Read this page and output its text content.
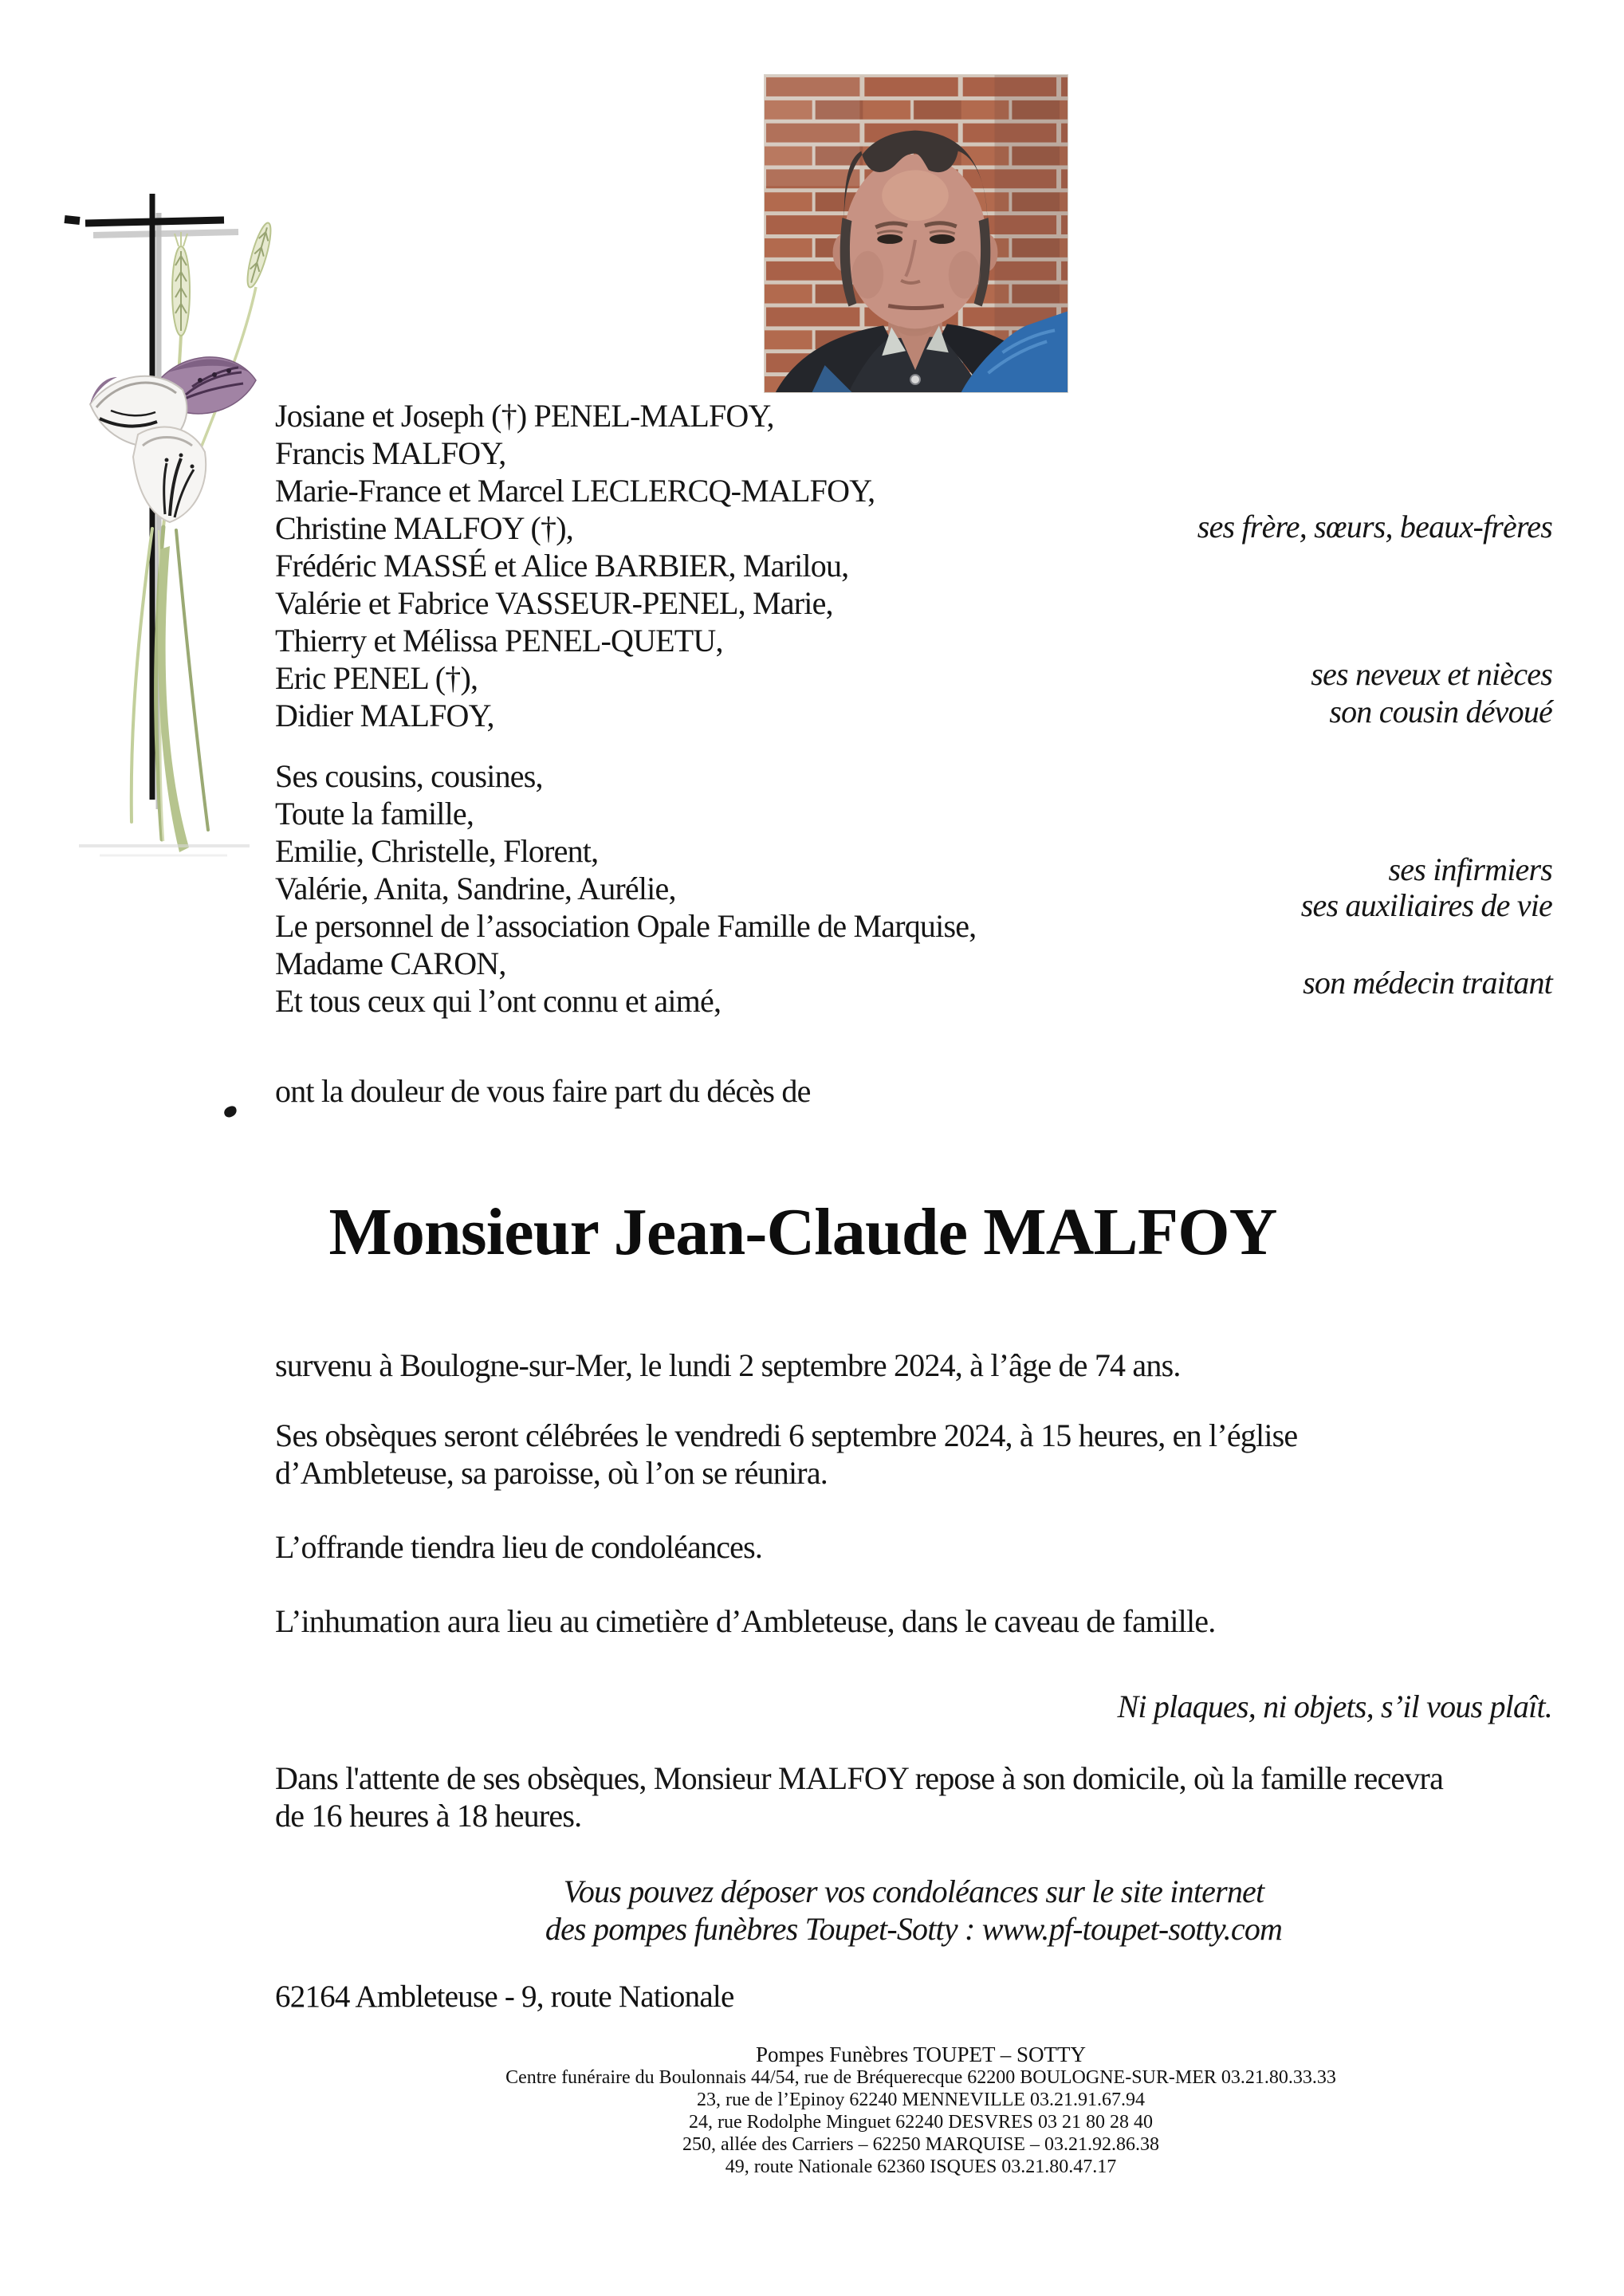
Josiane et Joseph (†) PENEL-MALFOY,
Francis MALFOY,
Marie-France et Marcel LECLERCQ-MALFOY,
Christine MALFOY (†),
Frédéric MASSÉ et Alice BARBIER, Marilou,
Valérie et Fabrice VASSEUR-PENEL, Marie,
Thierry et Mélissa PENEL-QUETU,
Eric PENEL (†),
Didier MALFOY,
ses frère, sœurs, beaux-frères
ses neveux et nièces
son cousin dévoué
ses infirmiers
ses auxiliaires de vie
son médecin traitant
Ses cousins, cousines,
Toute la famille,
Emilie, Christelle, Florent,
Valérie, Anita, Sandrine, Aurélie,
Le personnel de l’association Opale Famille de Marquise,
Madame CARON,
Et tous ceux qui l’ont connu et aimé,
ont la douleur de vous faire part du décès de
Monsieur Jean-Claude MALFOY
survenu à Boulogne-sur-Mer, le lundi 2 septembre 2024, à l’âge de 74 ans.
Ses obsèques seront célébrées le vendredi 6 septembre 2024, à 15 heures, en l’église
d’Ambleteuse, sa paroisse, où l’on se réunira.
L’offrande tiendra lieu de condoléances.
L’inhumation aura lieu au cimetière d’Ambleteuse, dans le caveau de famille.
Ni plaques, ni objets, s’il vous plaît.
Dans l'attente de ses obsèques, Monsieur MALFOY repose à son domicile, où la famille recevra
de 16 heures à 18 heures.
Vous pouvez déposer vos condoléances sur le site internet
des pompes funèbres Toupet-Sotty : www.pf-toupet-sotty.com
62164 Ambleteuse - 9, route Nationale
Pompes Funèbres TOUPET – SOTTY
Centre funéraire du Boulonnais 44/54, rue de Bréquerecque 62200 BOULOGNE-SUR-MER 03.21.80.33.33
23, rue de l’Epinoy 62240 MENNEVILLE 03.21.91.67.94
24, rue Rodolphe Minguet 62240 DESVRES 03 21 80 28 40
250, allée des Carriers – 62250 MARQUISE – 03.21.92.86.38
49, route Nationale 62360 ISQUES 03.21.80.47.17
